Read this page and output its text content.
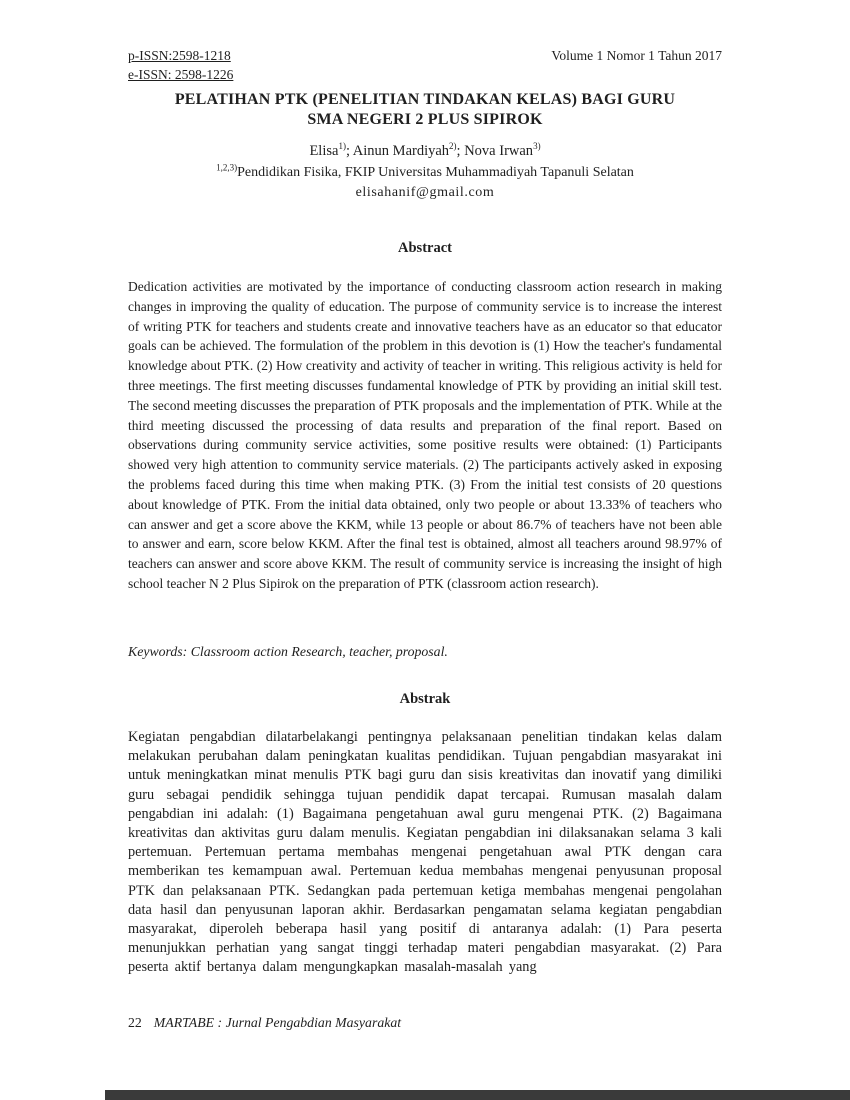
p-ISSN:2598-1218
e-ISSN: 2598-1226
Volume 1 Nomor 1 Tahun 2017
PELATIHAN PTK (PENELITIAN TINDAKAN KELAS) BAGI GURU
SMA NEGERI 2 PLUS SIPIROK
Elisa$^{1)}$; Ainun Mardiyah$^{2)}$; Nova Irwan$^{3)}$
$^{1,2,3)}$Pendidikan Fisika, FKIP Universitas Muhammadiyah Tapanuli Selatan
elisahanif@gmail.com
Abstract
Dedication activities are motivated by the importance of conducting classroom action research in making changes in improving the quality of education. The purpose of community service is to increase the interest of writing PTK for teachers and students create and innovative teachers have as an educator so that educator goals can be achieved. The formulation of the problem in this devotion is (1) How the teacher's fundamental knowledge about PTK. (2) How creativity and activity of teacher in writing. This religious activity is held for three meetings. The first meeting discusses fundamental knowledge of PTK by providing an initial skill test. The second meeting discusses the preparation of PTK proposals and the implementation of PTK. While at the third meeting discussed the processing of data results and preparation of the final report. Based on observations during community service activities, some positive results were obtained: (1) Participants showed very high attention to community service materials. (2) The participants actively asked in exposing the problems faced during this time when making PTK. (3) From the initial test consists of 20 questions about knowledge of PTK. From the initial data obtained, only two people or about 13.33% of teachers who can answer and get a score above the KKM, while 13 people or about 86.7% of teachers have not been able to answer and earn, score below KKM. After the final test is obtained, almost all teachers around 98.97% of teachers can answer and score above KKM. The result of community service is increasing the insight of high school teacher N 2 Plus Sipirok on the preparation of PTK (classroom action research).
Keywords: Classroom action Research, teacher, proposal.
Abstrak
Kegiatan pengabdian dilatarbelakangi pentingnya pelaksanaan penelitian tindakan kelas dalam melakukan perubahan dalam peningkatan kualitas pendidikan. Tujuan pengabdian masyarakat ini untuk meningkatkan minat menulis PTK bagi guru dan sisis kreativitas dan inovatif yang dimiliki guru sebagai pendidik sehingga tujuan pendidik dapat tercapai. Rumusan masalah dalam pengabdian ini adalah: (1) Bagaimana pengetahuan awal guru mengenai PTK. (2) Bagaimana kreativitas dan aktivitas guru dalam menulis. Kegiatan pengabdian ini dilaksanakan selama 3 kali pertemuan. Pertemuan pertama membahas mengenai pengetahuan awal PTK dengan cara memberikan tes kemampuan awal. Pertemuan kedua membahas mengenai penyusunan proposal PTK dan pelaksanaan PTK. Sedangkan pada pertemuan ketiga membahas mengenai pengolahan data hasil dan penyusunan laporan akhir. Berdasarkan pengamatan selama kegiatan pengabdian masyarakat, diperoleh beberapa hasil yang positif di antaranya adalah: (1) Para peserta menunjukkan perhatian yang sangat tinggi terhadap materi pengabdian masyarakat. (2) Para peserta aktif bertanya dalam mengungkapkan masalah-masalah yang
22 MARTABE : Jurnal Pengabdian Masyarakat
